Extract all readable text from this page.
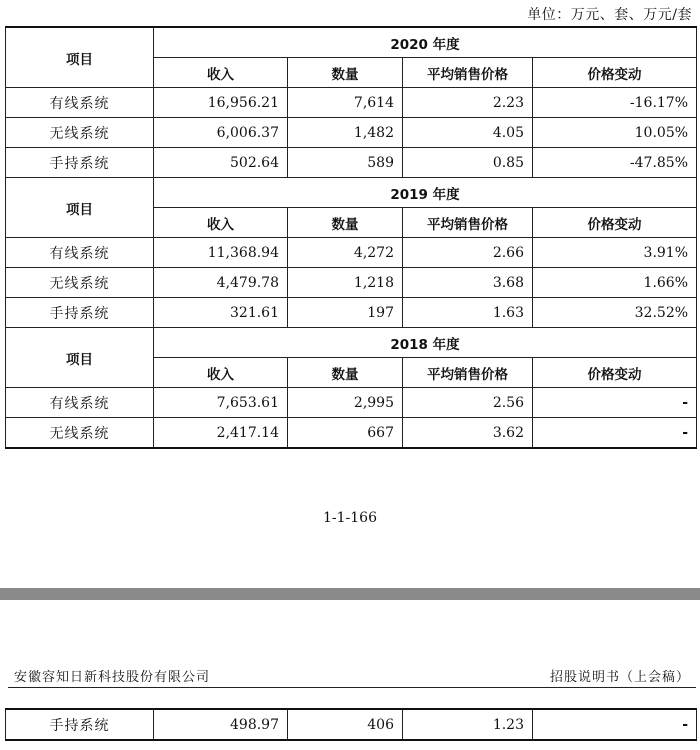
单位：万元、套、万元/套
项目	2020 年度			
	收入	数量	平均销售价格	价格变动
有线系统	16,956.21	7,614	2.23	-16.17%
无线系统	6,006.37	1,482	4.05	10.05%
手持系统	502.64	589	0.85	-47.85%
项目	2019 年度			
	收入	数量	平均销售价格	价格变动
有线系统	11,368.94	4,272	2.66	3.91%
无线系统	4,479.78	1,218	3.68	1.66%
手持系统	321.61	197	1.63	32.52%
项目	2018 年度			
	收入	数量	平均销售价格	价格变动
有线系统	7,653.61	2,995	2.56	-
无线系统	2,417.14	667	3.62	-
1-1-166
安徽容知日新科技股份有限公司	招股说明书（上会稿）
手持系统	498.97	406	1.23	-
